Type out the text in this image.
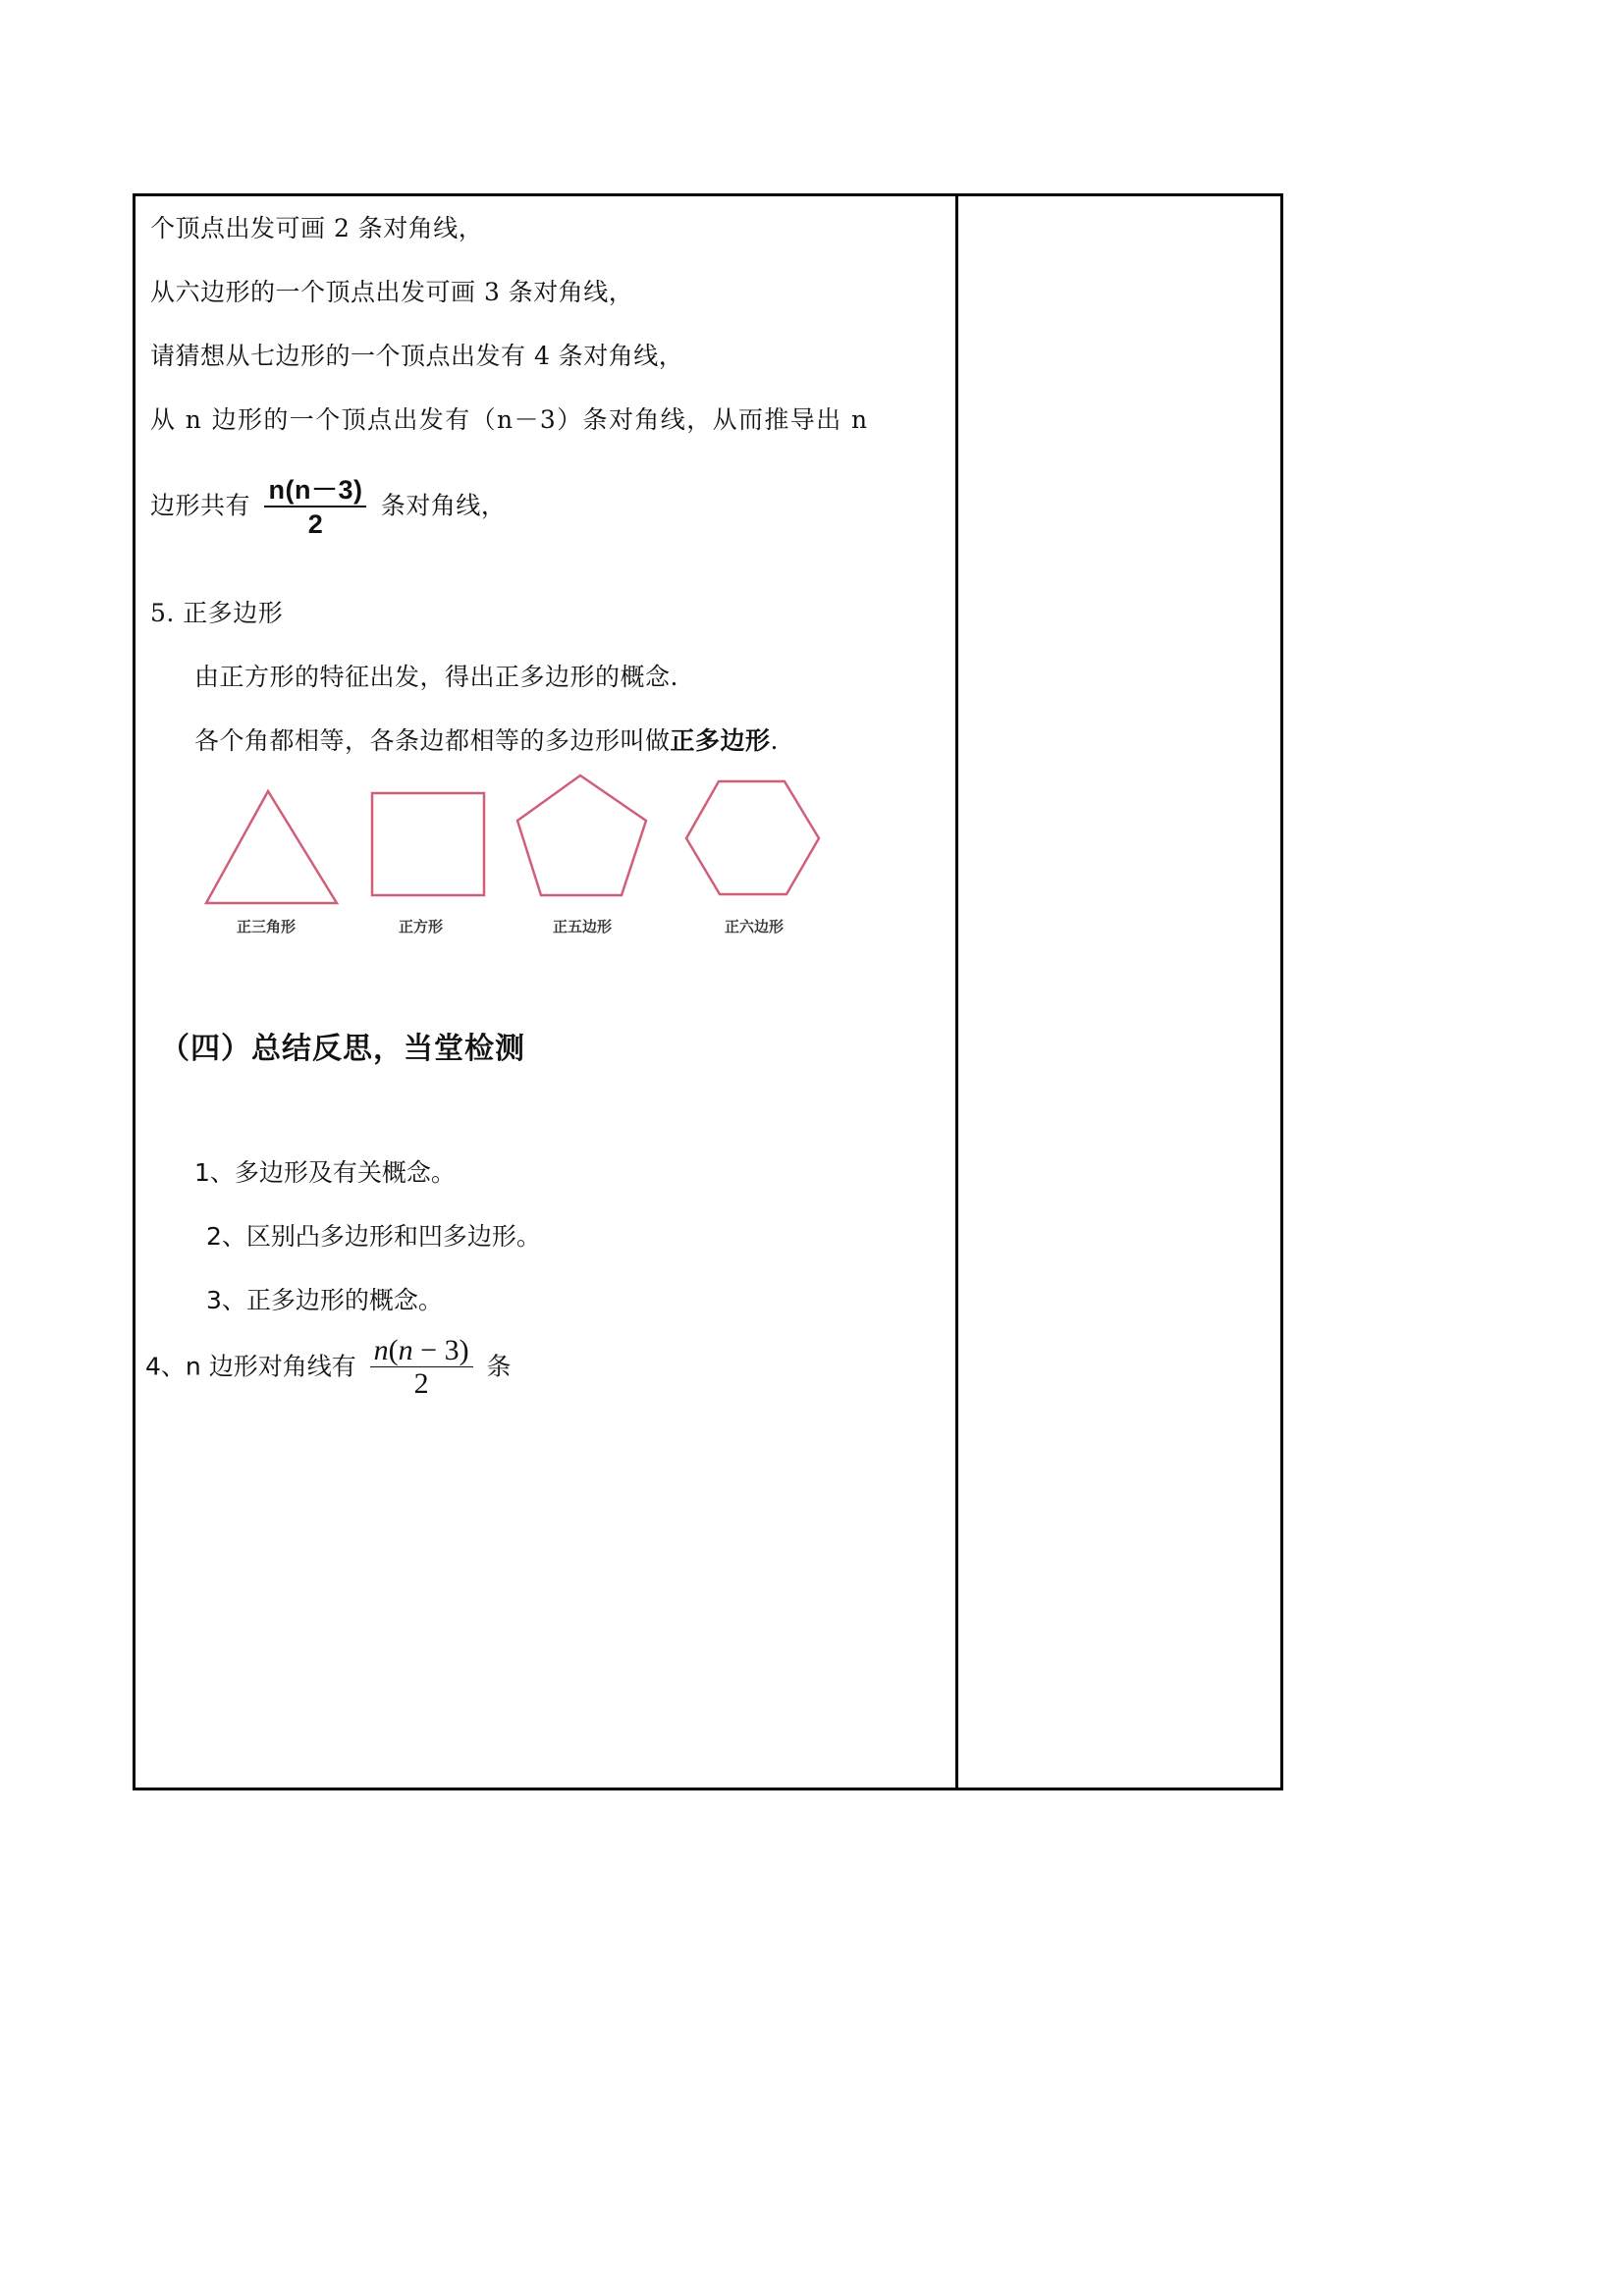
个顶点出发可画 2 条对角线，
从六边形的一个顶点出发可画 3 条对角线，
请猜想从七边形的一个顶点出发有 4 条对角线，
从 n 边形的一个顶点出发有（n－3）条对角线，从而推导出 n
边形共有 $\frac{n(n-3)}{2}$ 条对角线，
5. 正多边形
由正方形的特征出发，得出正多边形的概念.
各个角都相等，各条边都相等的多边形叫做正多边形.
正三角形	正方形	正五边形	正六边形
（四）总结反思，当堂检测
1、多边形及有关概念。
2、区别凸多边形和凹多边形。
3、正多边形的概念。
4、n 边形对角线有 $\frac{n(n - 3)}{2}$ 条
